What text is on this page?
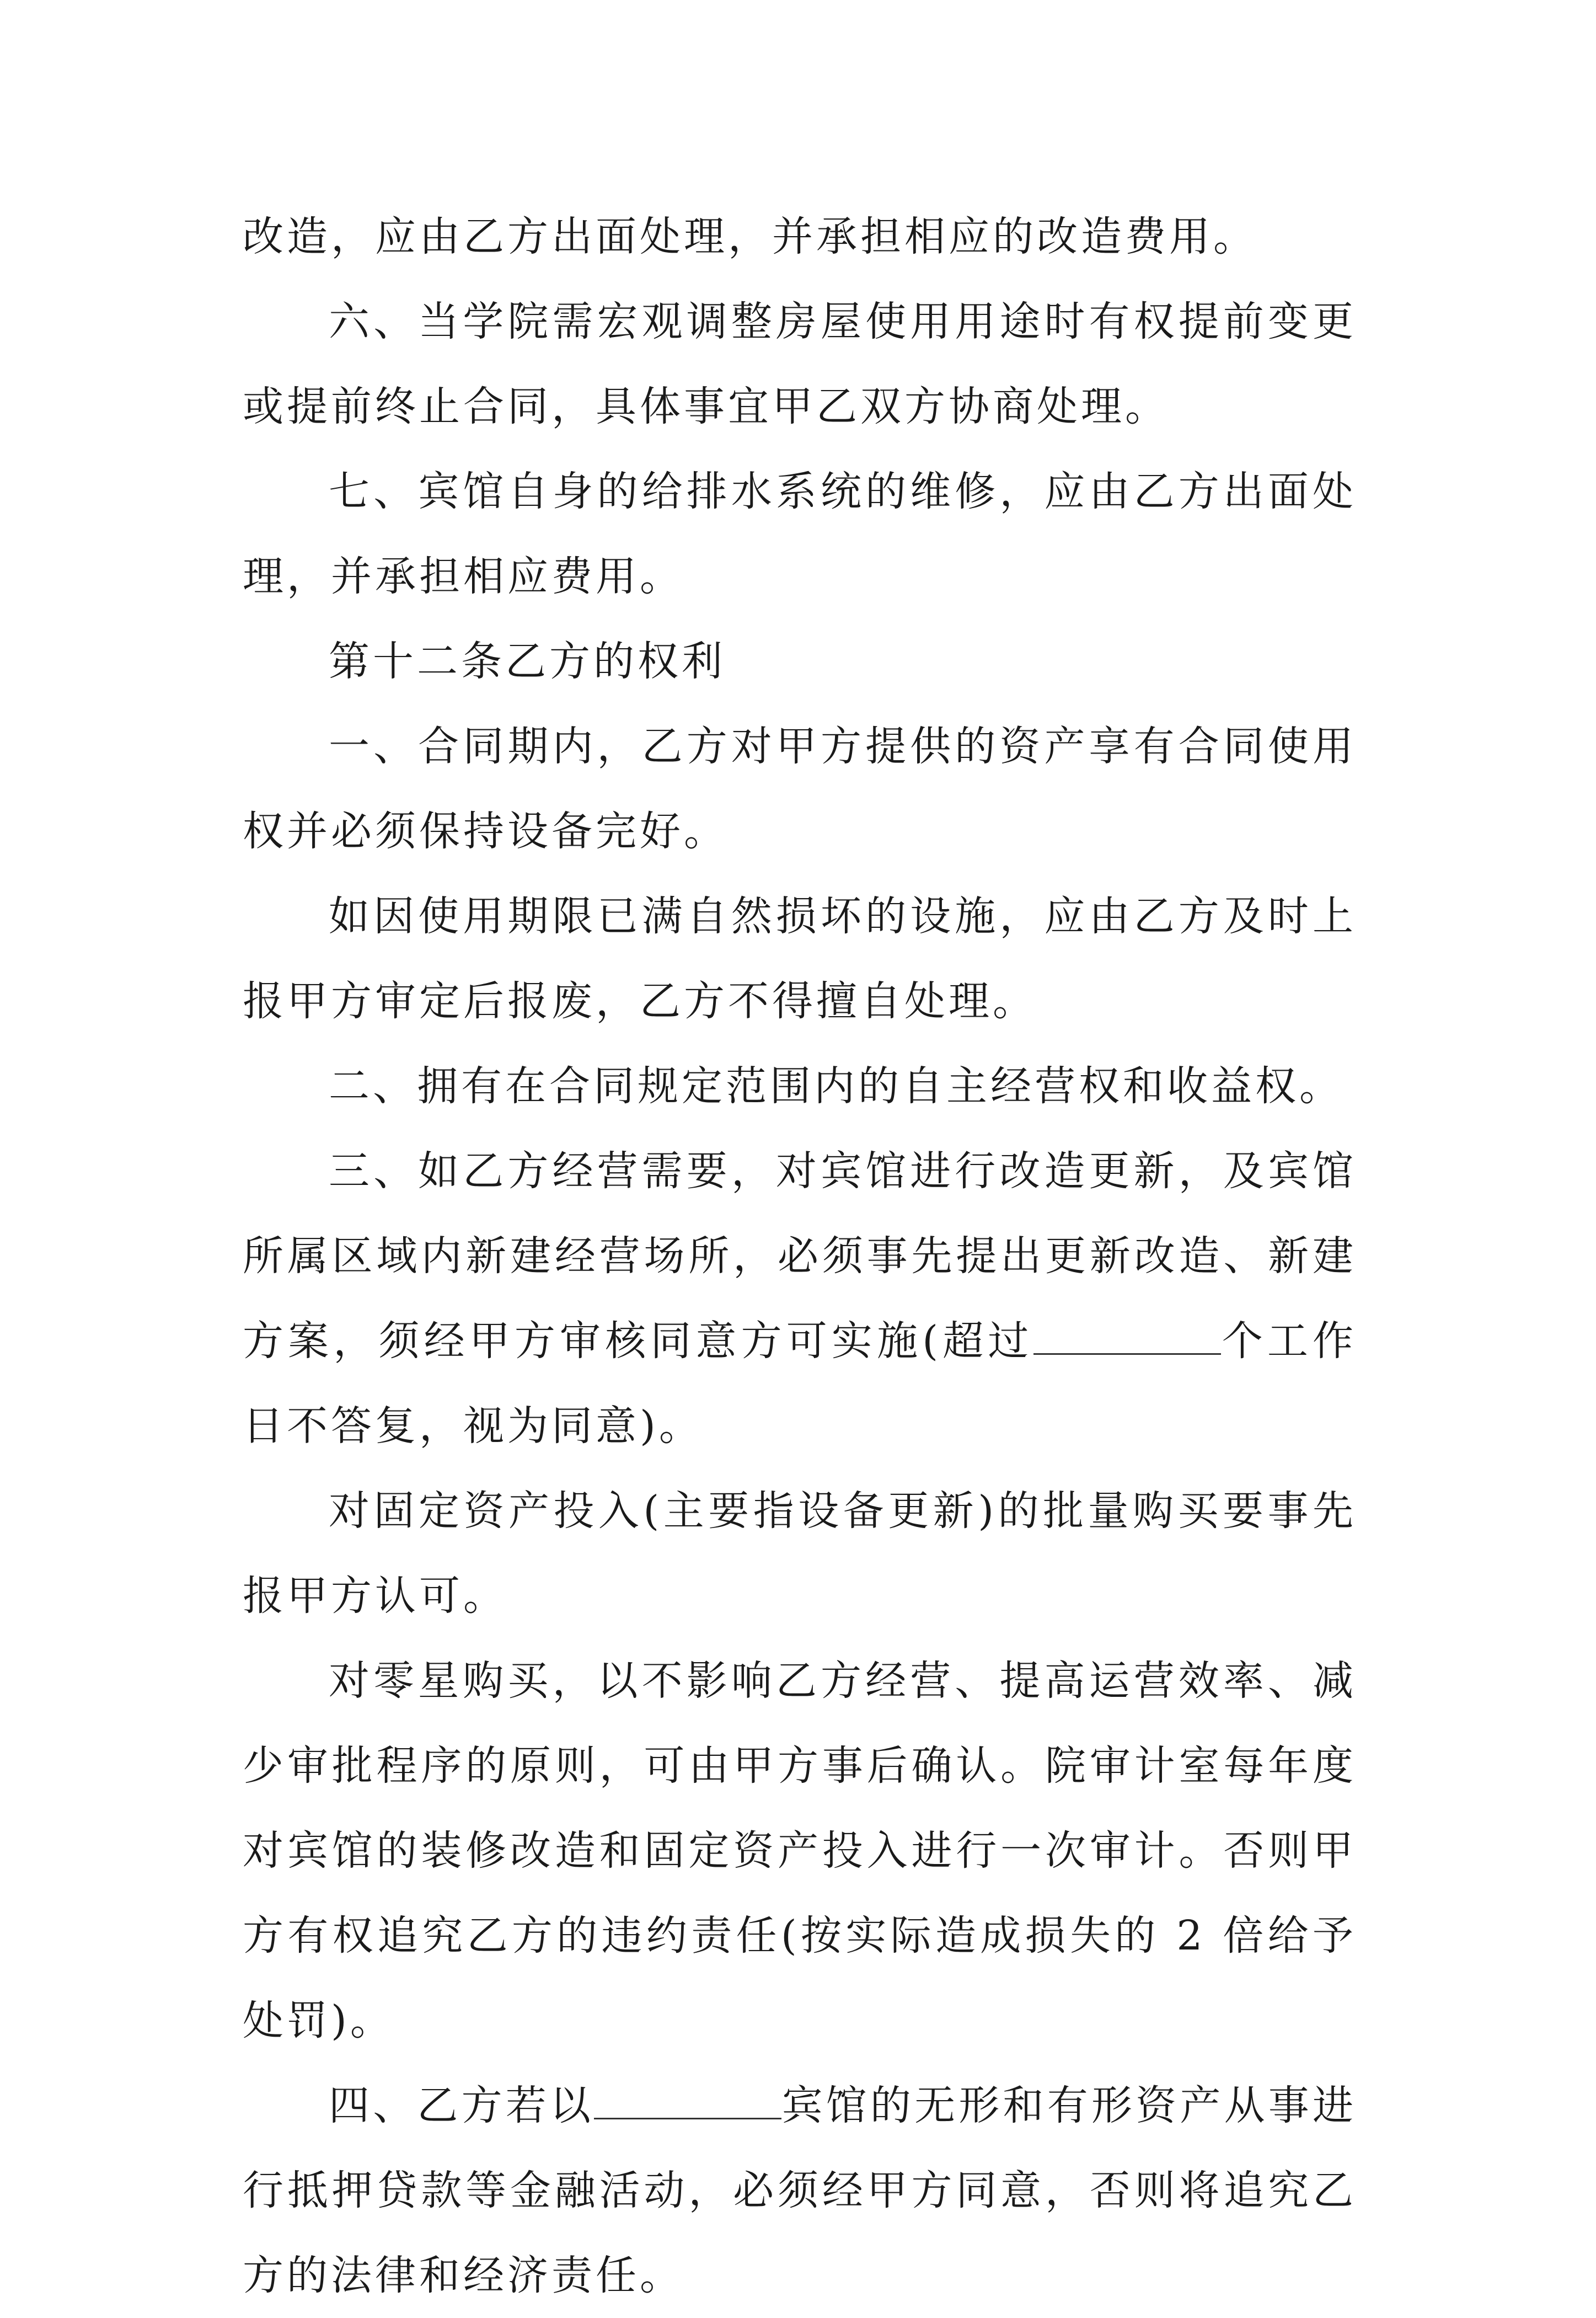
改造，应由乙方出面处理，并承担相应的改造费用。

六、当学院需宏观调整房屋使用用途时有权提前变更或提前终止合同，具体事宜甲乙双方协商处理。

七、宾馆自身的给排水系统的维修，应由乙方出面处理，并承担相应费用。

第十二条乙方的权利

一、合同期内，乙方对甲方提供的资产享有合同使用权并必须保持设备完好。

如因使用期限已满自然损坏的设施，应由乙方及时上报甲方审定后报废，乙方不得擅自处理。

二、拥有在合同规定范围内的自主经营权和收益权。

三、如乙方经营需要，对宾馆进行改造更新，及宾馆所属区域内新建经营场所，必须事先提出更新改造、新建方案，须经甲方审核同意方可实施(超过	个工作日不答复，视为同意)。

对固定资产投入(主要指设备更新)的批量购买要事先报甲方认可。

对零星购买，以不影响乙方经营、提高运营效率、减少审批程序的原则，可由甲方事后确认。院审计室每年度对宾馆的装修改造和固定资产投入进行一次审计。否则甲方有权追究乙方的违约责任(按实际造成损失的 2 倍给予处罚)。

四、乙方若以	宾馆的无形和有形资产从事进行抵押贷款等金融活动，必须经甲方同意，否则将追究乙方的法律和经济责任。
